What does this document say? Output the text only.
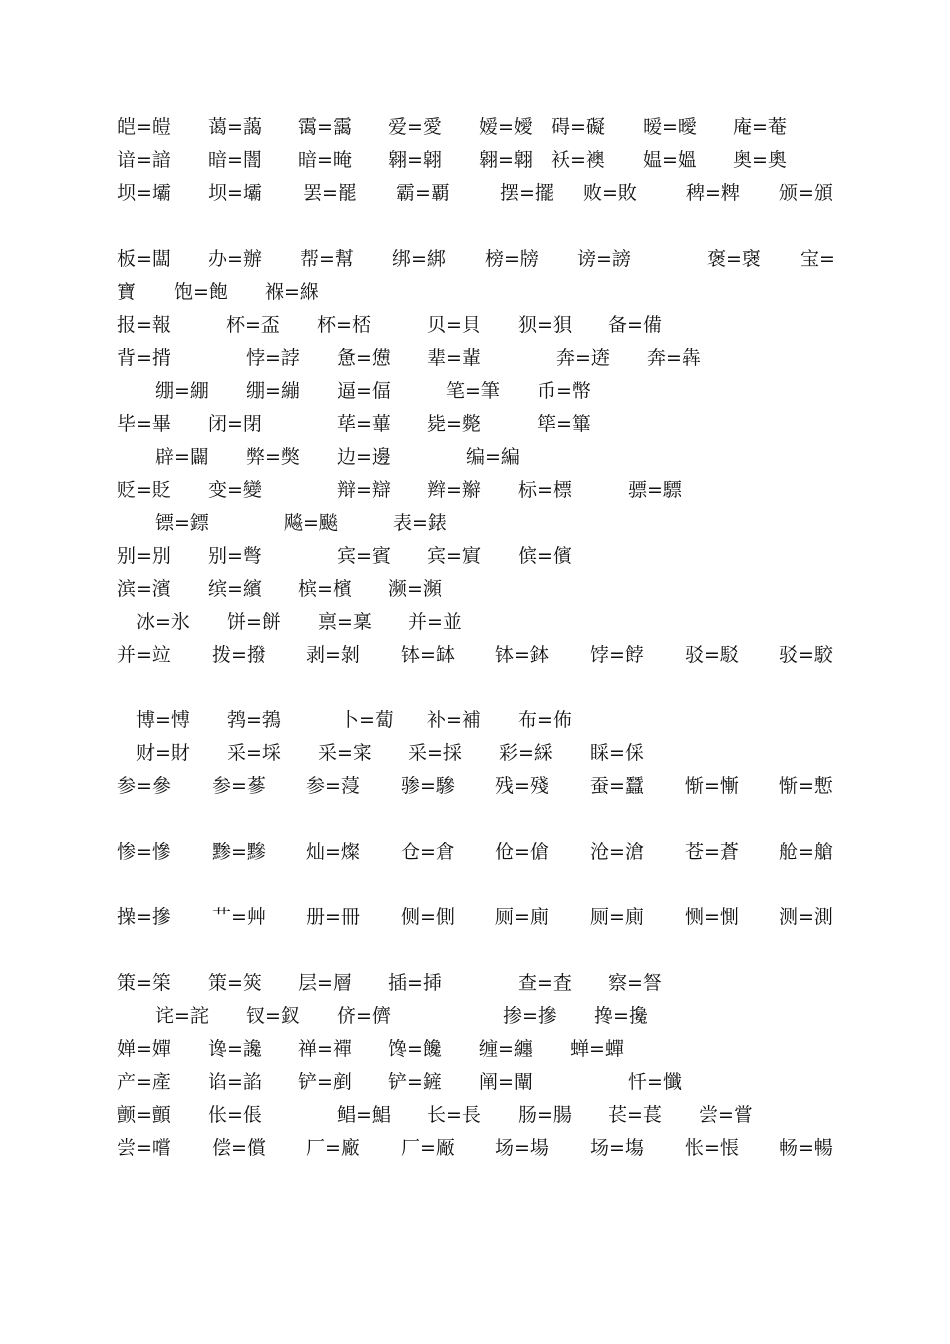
皑=皚 蔼=藹 霭=靄 爱=愛 嫒=嬡 碍=礙 暧=曖 庵=菴
谙=諳 暗=闇 暗=晻 翱=翶 翱=翺 袄=襖 媪=媼 奥=奧
坝=壩 坝=壩 罢=罷 霸=覇	摆=擺 败=敗	稗=粺 颁=頒
板=闆 办=辦 帮=幫 绑=綁 榜=牓 谤=謗	褒=襃 宝=
寶 饱=飽 褓=緥
报=報	杯=盃 杯=桮	贝=貝 狈=狽 备=備
背=揹	悖=誖 惫=憊 辈=輩	奔=逩 奔=犇
绷=綳 绷=繃 逼=偪	笔=筆 币=幣
毕=畢 闭=閉	荜=蓽 毙=斃	筚=篳
辟=闢 弊=獘 边=邊	编=編
贬=貶 变=變	辩=辯 辫=辮 标=標	骠=驃
镖=鏢	飚=飈	表=錶
别=別 别=彆	宾=賓 宾=賔 傧=儐
滨=濱 缤=繽 槟=檳 濒=瀕
冰=氷 饼=餅 禀=稟 并=並
并=竝 拨=撥 剥=剝 钵=缽 钵=鉢 饽=餑 驳=駁 驳=駮
博=愽 鹁=鵓	卜=蔔 补=補 布=佈
财=財 采=埰 采=寀 采=採 彩=綵 睬=倸
参=參 参=蔘 参=蓡 骖=驂 残=殘 蚕=蠶 惭=慚 惭=慙
惨=慘 黪=黲 灿=燦 仓=倉 伧=傖 沧=滄 苍=蒼 舱=艙
操=摻 艹=艸 册=冊 侧=側 厕=廁 厕=廁 恻=惻 测=測
策=筞 策=筴 层=層 插=揷	查=査 察=詧
诧=詫 钗=釵 侪=儕	掺=摻 搀=攙
婵=嬋 谗=讒 禅=禪 馋=饞 缠=纏 蝉=蟬
产=產 谄=諂 铲=剷 铲=鏟 阐=闡	忏=懺
颤=顫 伥=倀	鲳=鯧 长=長 肠=腸 苌=萇 尝=嘗
尝=嚐 偿=償 厂=廠 厂=厰 场=場 场=塲 怅=悵 畅=暢
